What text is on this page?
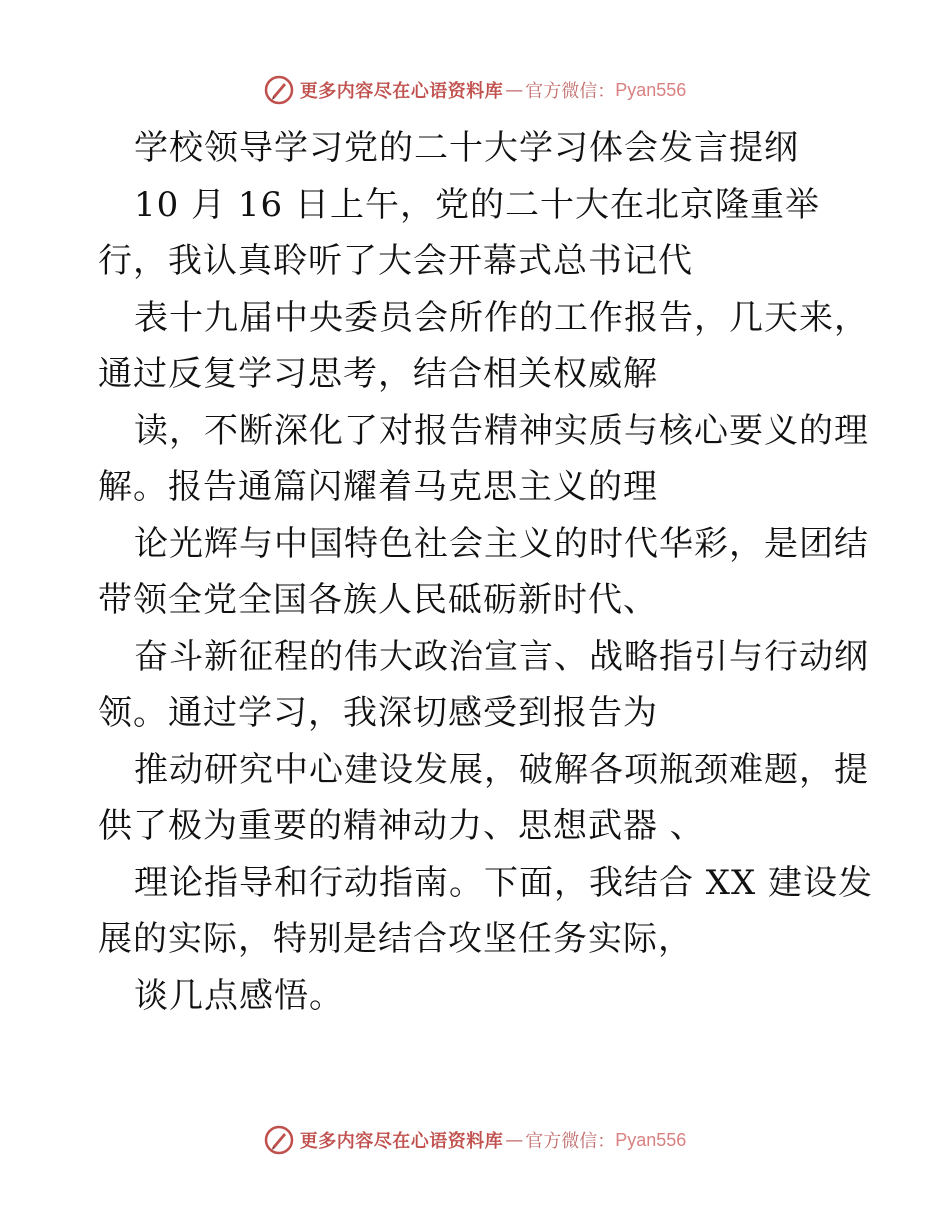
更多内容尽在心语资料库 — 官方微信： Pyan556
学校领导学习党的二十大学习体会发言提纲
10 月 16 日上午，党的二十大在北京隆重举
行，我认真聆听了大会开幕式总书记代
表十九届中央委员会所作的工作报告，几天来，
通过反复学习思考，结合相关权威解
读，不断深化了对报告精神实质与核心要义的理
解。报告通篇闪耀着马克思主义的理
论光辉与中国特色社会主义的时代华彩，是团结
带领全党全国各族人民砥砺新时代、
奋斗新征程的伟大政治宣言、战略指引与行动纲
领。通过学习，我深切感受到报告为
推动研究中心建设发展，破解各项瓶颈难题，提
供了极为重要的精神动力、思想武器 、
理论指导和行动指南。下面，我结合 XX 建设发
展的实际，特别是结合攻坚任务实际，
谈几点感悟。
更多内容尽在心语资料库 — 官方微信： Pyan556
